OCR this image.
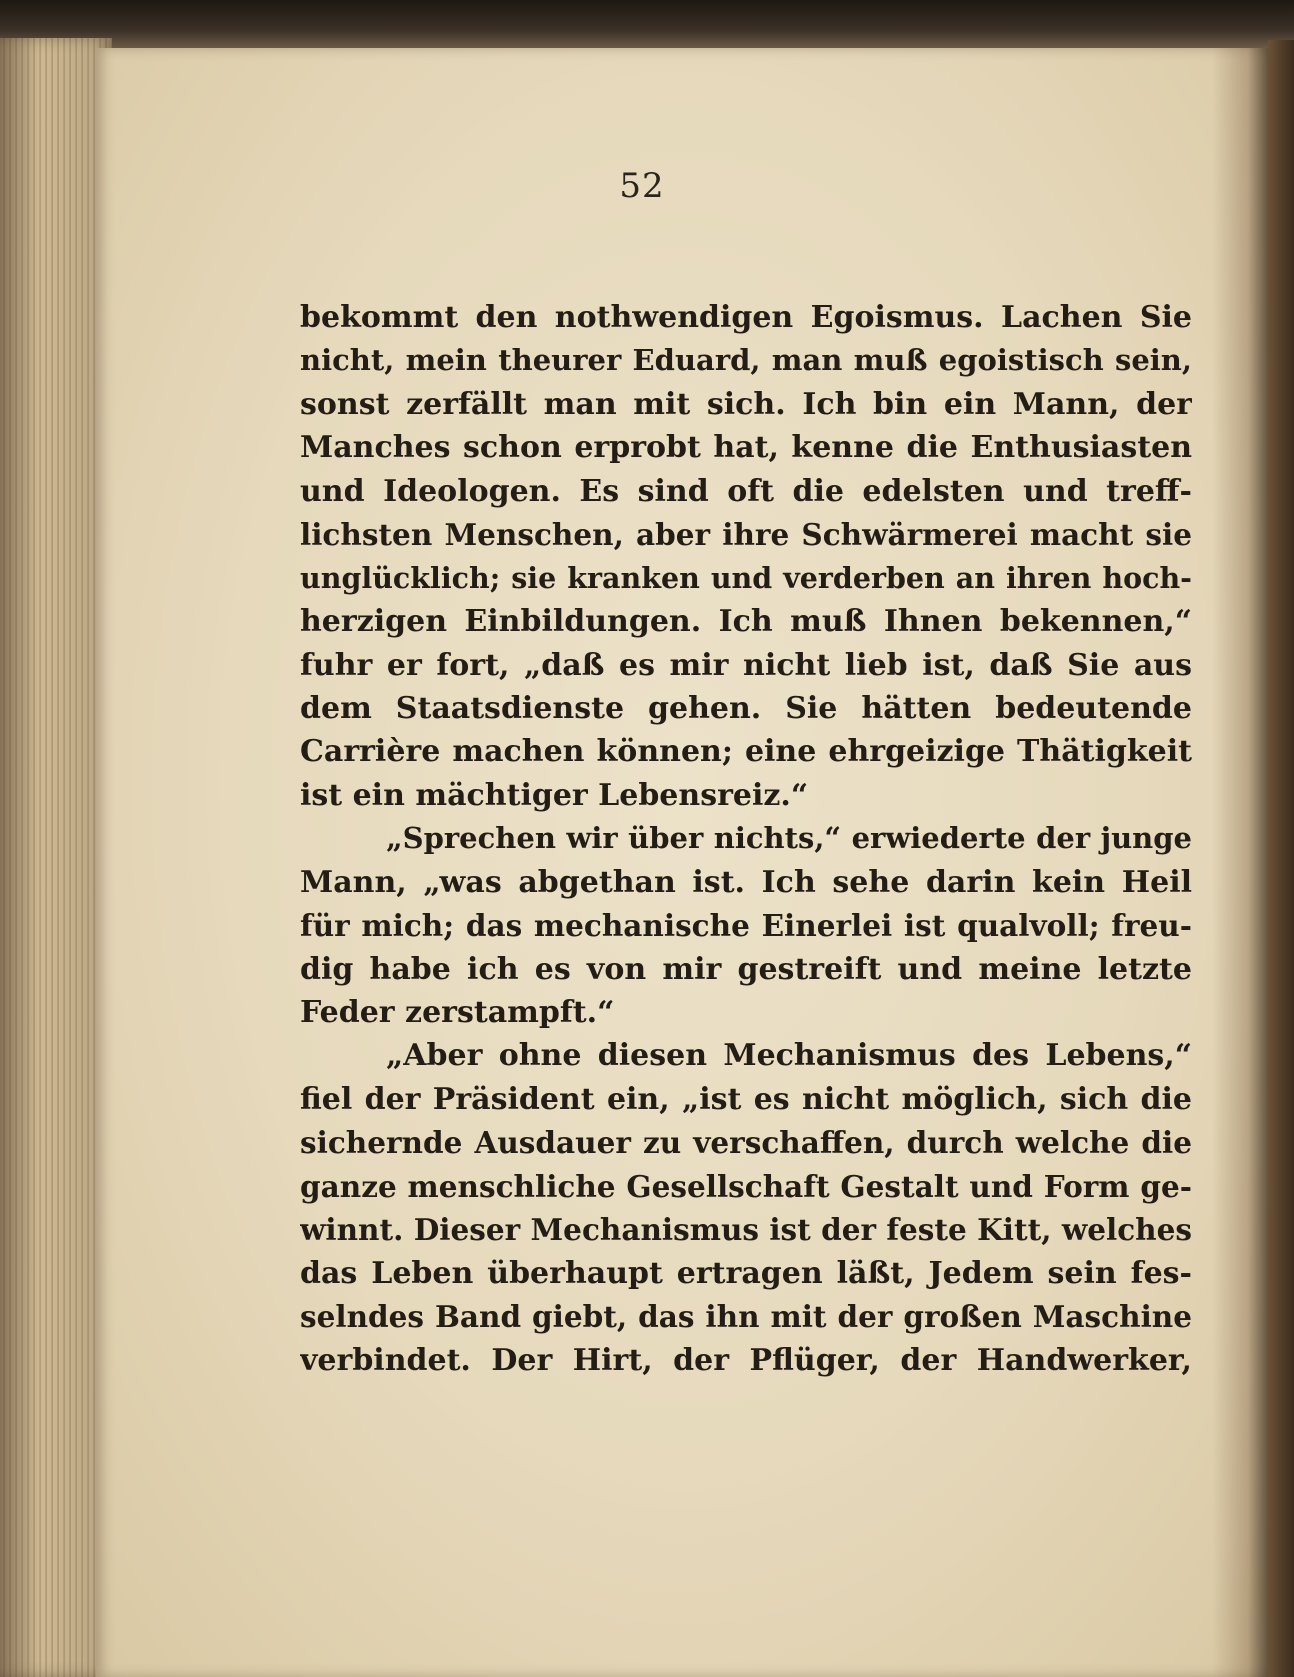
52
bekommt den nothwendigen Egoismus. Lachen Sie
nicht, mein theurer Eduard, man muß egoistisch sein,
sonst zerfällt man mit sich. Ich bin ein Mann, der
Manches schon erprobt hat, kenne die Enthusiasten
und Ideologen. Es sind oft die edelsten und treff-
lichsten Menschen, aber ihre Schwärmerei macht sie
unglücklich; sie kranken und verderben an ihren hoch-
herzigen Einbildungen. Ich muß Ihnen bekennen,“
fuhr er fort, „daß es mir nicht lieb ist, daß Sie aus
dem Staatsdienste gehen. Sie hätten bedeutende
Carrière machen können; eine ehrgeizige Thätigkeit
ist ein mächtiger Lebensreiz.“
„Sprechen wir über nichts,“ erwiederte der junge
Mann, „was abgethan ist. Ich sehe darin kein Heil
für mich; das mechanische Einerlei ist qualvoll; freu-
dig habe ich es von mir gestreift und meine letzte
Feder zerstampft.“
„Aber ohne diesen Mechanismus des Lebens,“
fiel der Präsident ein, „ist es nicht möglich, sich die
sichernde Ausdauer zu verschaffen, durch welche die
ganze menschliche Gesellschaft Gestalt und Form ge-
winnt. Dieser Mechanismus ist der feste Kitt, welches
das Leben überhaupt ertragen läßt, Jedem sein fes-
selndes Band giebt, das ihn mit der großen Maschine
verbindet. Der Hirt, der Pflüger, der Handwerker,
